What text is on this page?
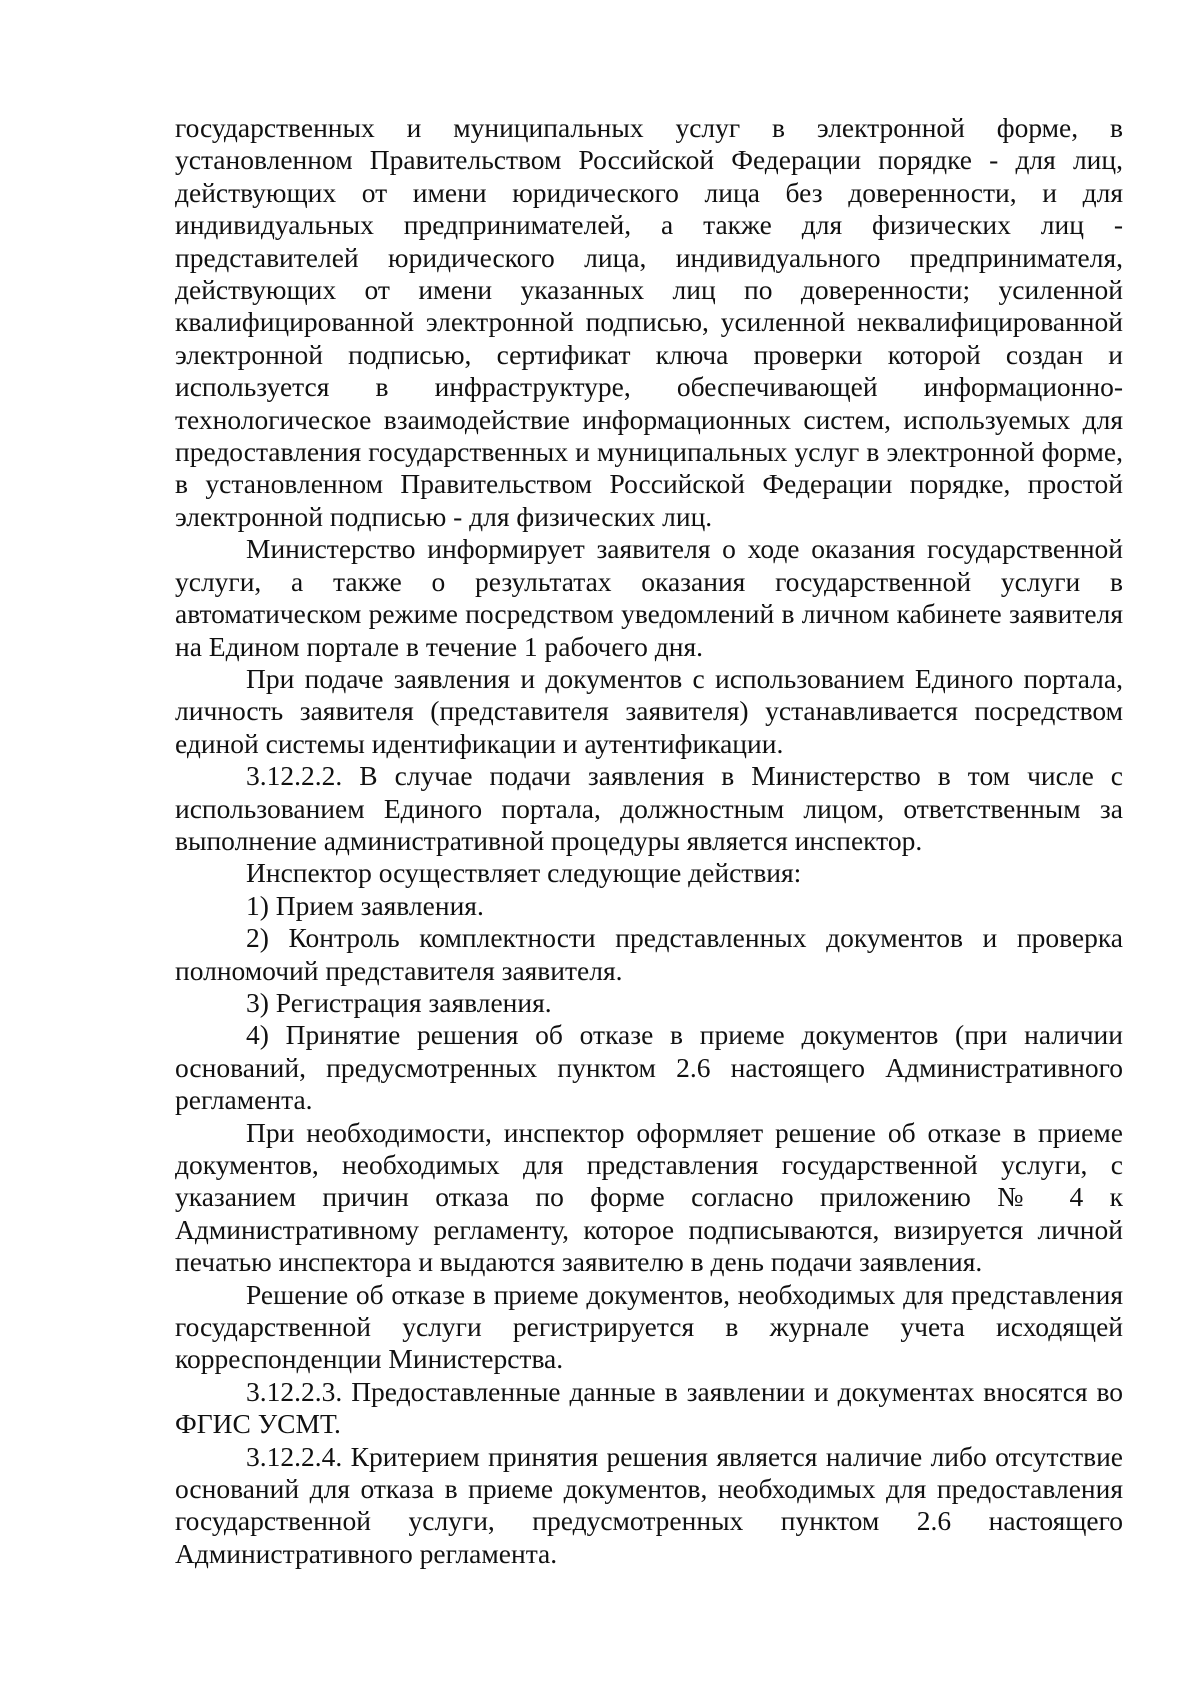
государственных и муниципальных услуг в электронной форме, в установленном Правительством Российской Федерации порядке - для лиц, действующих от имени юридического лица без доверенности, и для индивидуальных предпринимателей, а также для физических лиц - представителей юридического лица, индивидуального предпринимателя, действующих от имени указанных лиц по доверенности; усиленной квалифицированной электронной подписью, усиленной неквалифицированной электронной подписью, сертификат ключа проверки которой создан и используется в инфраструктуре, обеспечивающей информационно-технологическое взаимодействие информационных систем, используемых для предоставления государственных и муниципальных услуг в электронной форме, в установленном Правительством Российской Федерации порядке, простой электронной подписью - для физических лиц.

Министерство информирует заявителя о ходе оказания государственной услуги, а также о результатах оказания государственной услуги в автоматическом режиме посредством уведомлений в личном кабинете заявителя на Едином портале в течение 1 рабочего дня.

При подаче заявления и документов с использованием Единого портала, личность заявителя (представителя заявителя) устанавливается посредством единой системы идентификации и аутентификации.

3.12.2.2. В случае подачи заявления в Министерство в том числе с использованием Единого портала, должностным лицом, ответственным за выполнение административной процедуры является инспектор.

Инспектор осуществляет следующие действия:

1) Прием заявления.

2) Контроль комплектности представленных документов и проверка полномочий представителя заявителя.

3) Регистрация заявления.

4) Принятие решения об отказе в приеме документов (при наличии оснований, предусмотренных пунктом 2.6 настоящего Административного регламента.

При необходимости, инспектор оформляет решение об отказе в приеме документов, необходимых для представления государственной услуги, с указанием причин отказа по форме согласно приложению № 4 к Административному регламенту, которое подписываются, визируется личной печатью инспектора и выдаются заявителю в день подачи заявления.

Решение об отказе в приеме документов, необходимых для представления государственной услуги регистрируется в журнале учета исходящей корреспонденции Министерства.

3.12.2.3. Предоставленные данные в заявлении и документах вносятся во ФГИС УСМТ.

3.12.2.4. Критерием принятия решения является наличие либо отсутствие оснований для отказа в приеме документов, необходимых для предоставления государственной услуги, предусмотренных пунктом 2.6 настоящего Административного регламента.
